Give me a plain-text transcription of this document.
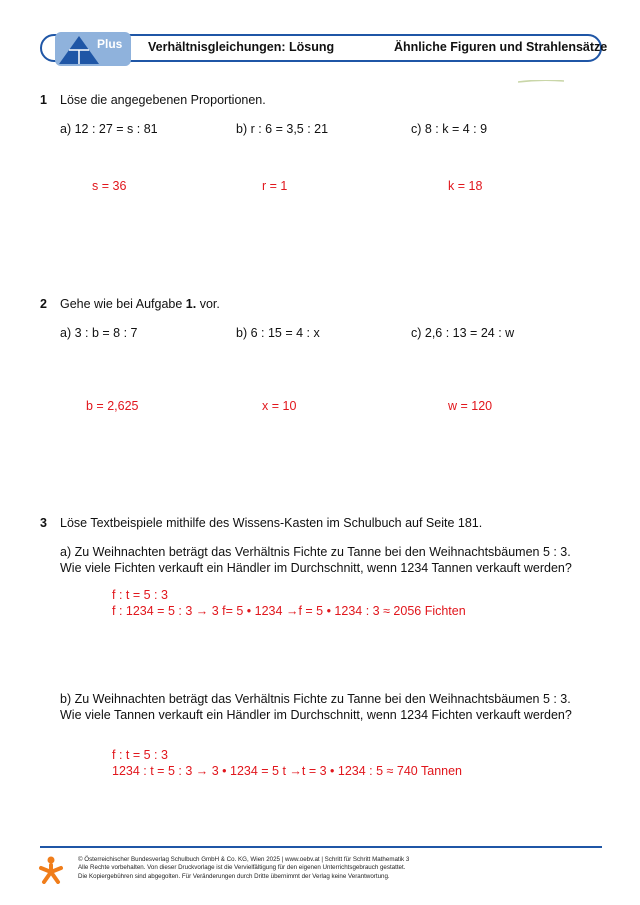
Plus Verhältnisgleichungen: Lösung	Ähnliche Figuren und Strahlensätze
1 Löse die angegebenen Proportionen.
a) 12 : 27 = s : 81	b) r : 6 = 3,5 : 21	c) 8 : k = 4 : 9
s = 36	r = 1	k = 18
2 Gehe wie bei Aufgabe 1. vor.
a) 3 : b = 8 : 7	b) 6 : 15 = 4 : x	c) 2,6 : 13 = 24 : w
b = 2,625	x = 10	w = 120
3 Löse Textbeispiele mithilfe des Wissens-Kasten im Schulbuch auf Seite 181.
a) Zu Weihnachten beträgt das Verhältnis Fichte zu Tanne bei den Weihnachtsbäumen 5 : 3.
Wie viele Fichten verkauft ein Händler im Durchschnitt, wenn 1234 Tannen verkauft werden?
f : t = 5 : 3
f : 1234 = 5 : 3 → 3 f= 5 • 1234 →f = 5 • 1234 : 3 ≈ 2056 Fichten
b) Zu Weihnachten beträgt das Verhältnis Fichte zu Tanne bei den Weihnachtsbäumen 5 : 3.
Wie viele Tannen verkauft ein Händler im Durchschnitt, wenn 1234 Fichten verkauft werden?
f : t = 5 : 3
1234 : t = 5 : 3 → 3 • 1234 = 5 t →t = 3 • 1234 : 5 ≈ 740 Tannen
© Österreichischer Bundesverlag Schulbuch GmbH & Co. KG, Wien 2025 | www.oebv.at | Schritt für Schritt Mathematik 3
Alle Rechte vorbehalten. Von dieser Druckvorlage ist die Vervielfältigung für den eigenen Unterrichtsgebrauch gestattet.
Die Kopiergebühren sind abgegolten. Für Veränderungen durch Dritte übernimmt der Verlag keine Verantwortung.
